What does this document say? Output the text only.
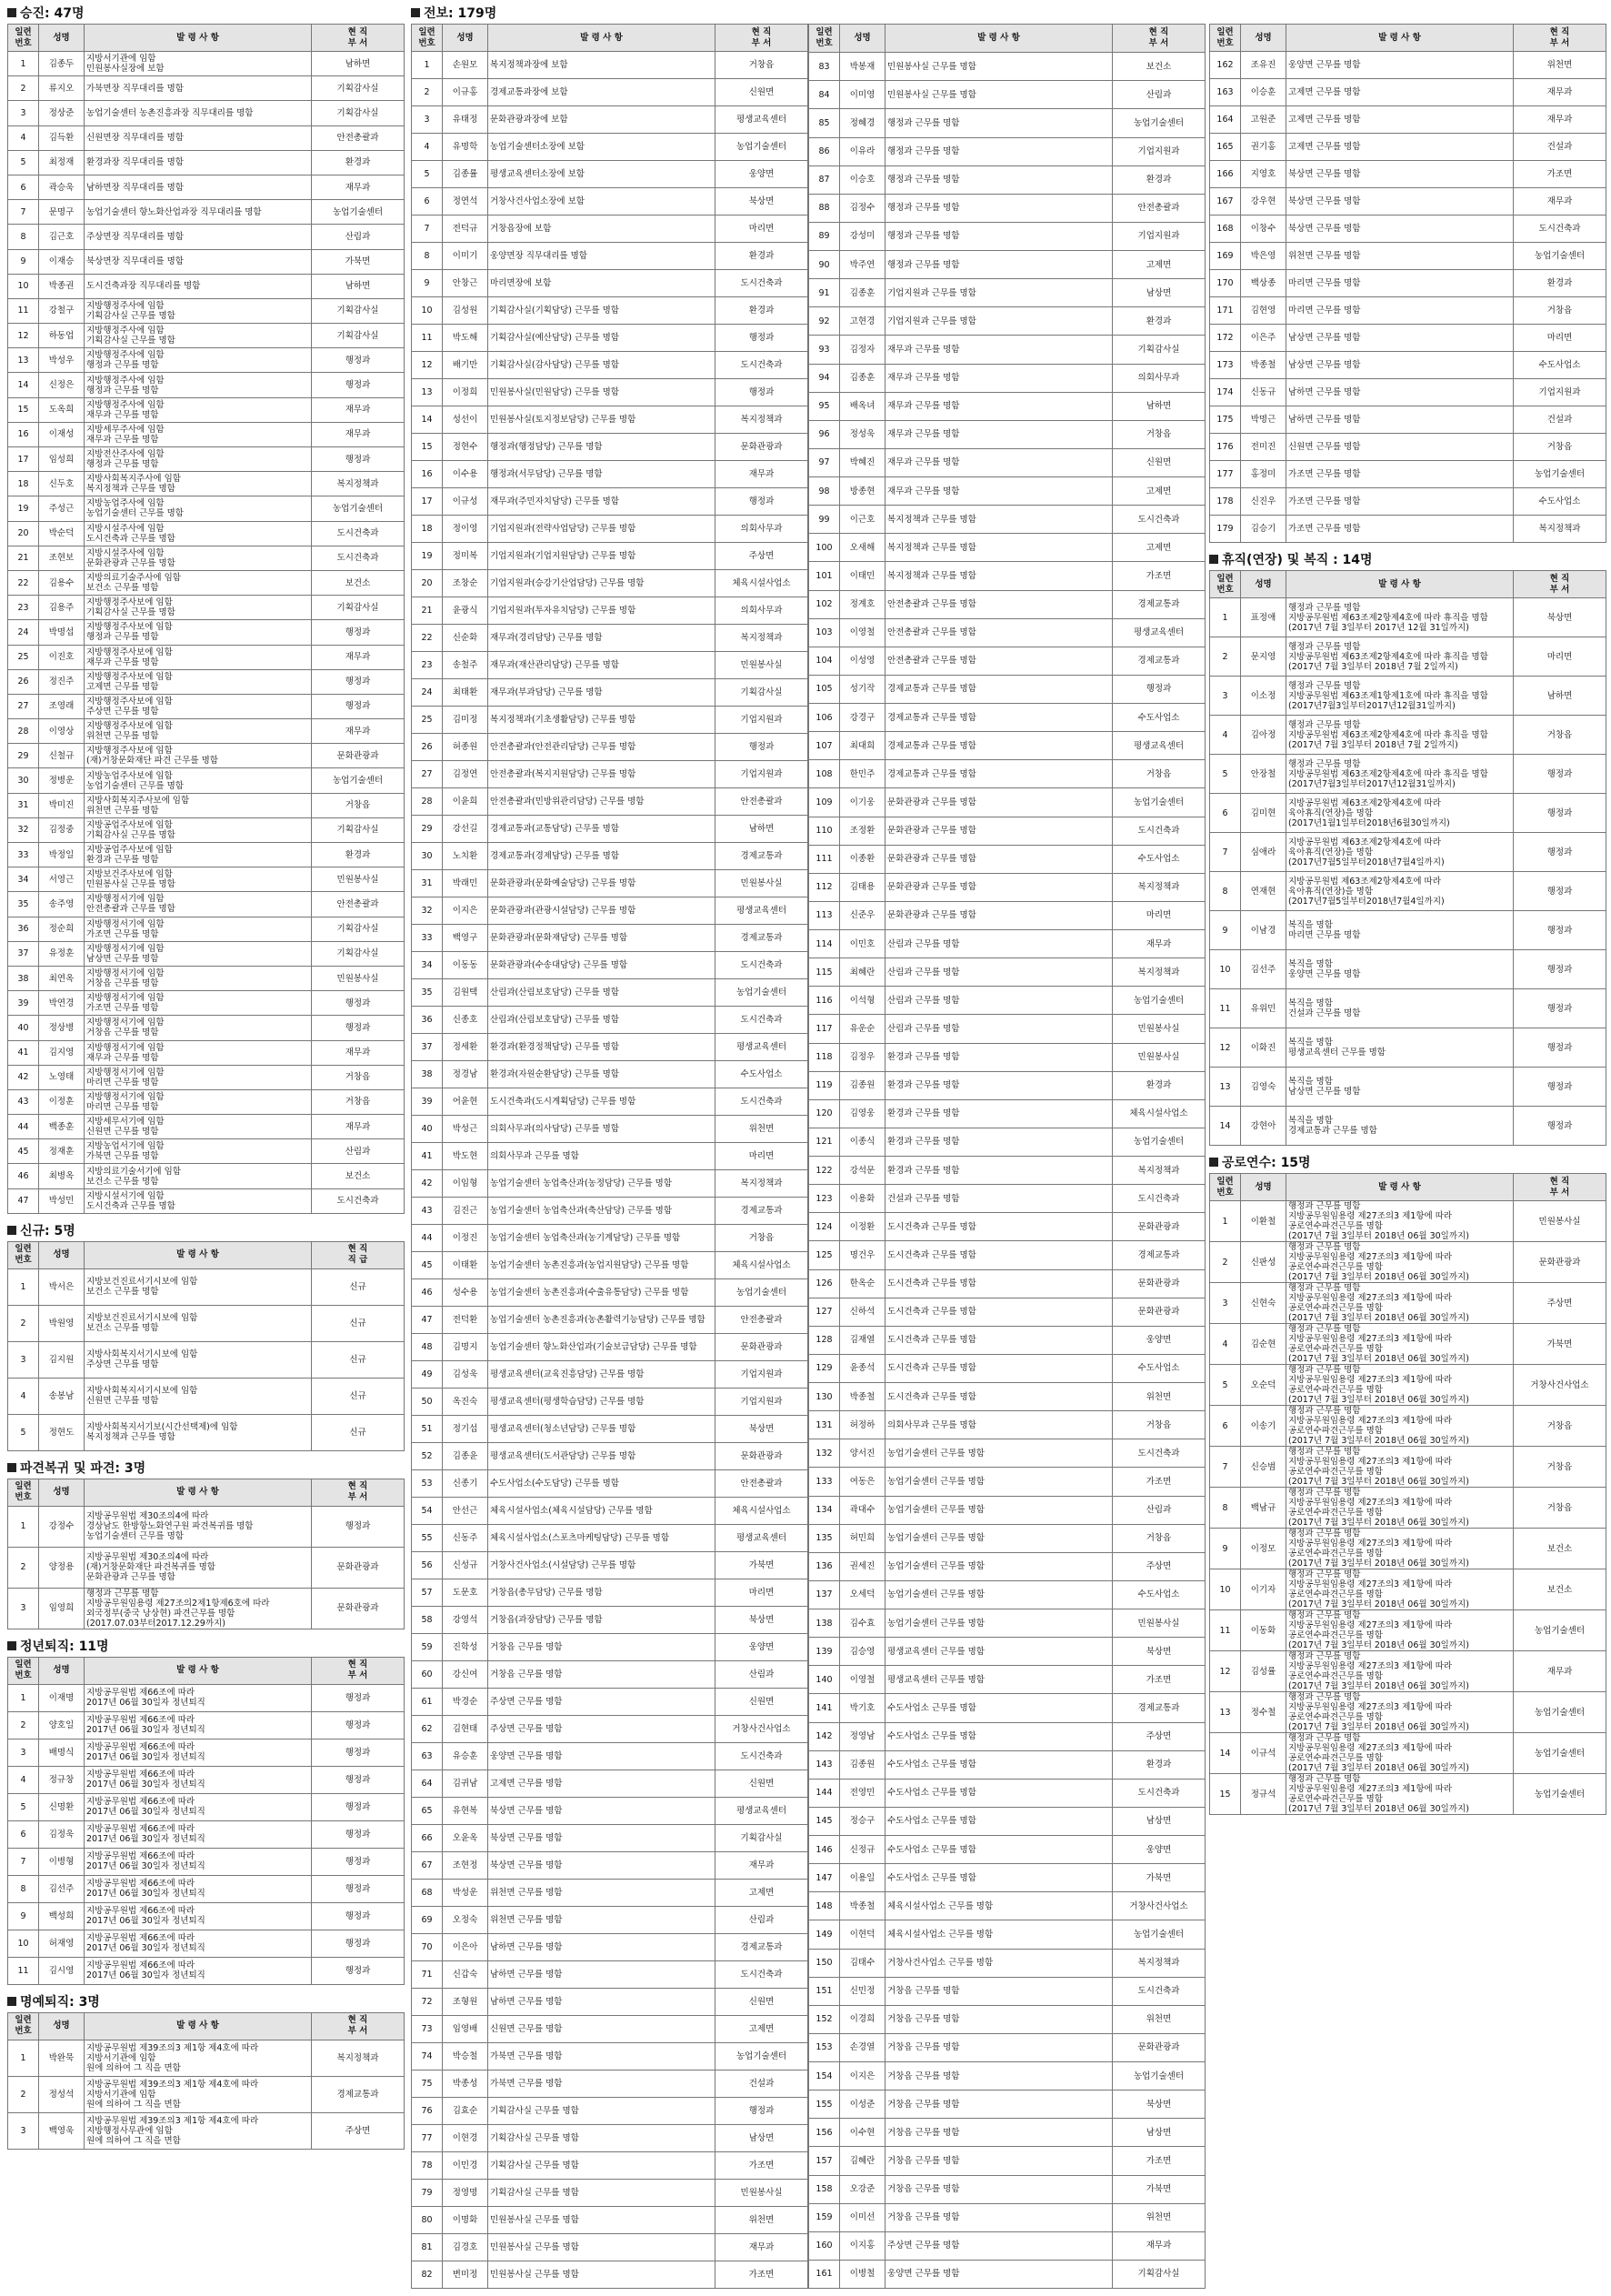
승진: 47명
일련
번호	성명	발 령 사 항	현 직
부 서
1	김종두	지방서기관에 임함
민원봉사실장에 보함	남하면
2	류지오	가북면장 직무대리를 명함	기획감사실
3	정상준	농업기술센터 농촌진흥과장 직무대리를 명함	기획감사실
4	김득환	신원면장 직무대리를 명함	안전총괄과
5	최정재	환경과장 직무대리를 명함	환경과
6	곽승욱	남하면장 직무대리를 명함	재무과
7	문명구	농업기술센터 향노화산업과장 직무대리를 명함	농업기술센터
8	김근호	주상면장 직무대리를 명함	산림과
9	이재승	북상면장 직무대리를 명함	가북면
10	박종권	도시건축과장 직무대리를 명함	남하면
11	강철구	지방행정주사에 임함
기획감사실 근무를 명함	기획감사실
12	하동업	지방행정주사에 임함
기획감사실 근무를 명함	기획감사실
13	박성우	지방행정주사에 임함
행정과 근무를 명함	행정과
14	신정은	지방행정주사에 임함
행정과 근무를 명함	행정과
15	도옥희	지방행정주사에 임함
재무과 근무를 명함	재무과
16	이재성	지방세무주사에 임함
재무과 근무를 명함	재무과
17	임성희	지방전산주사에 임함
행정과 근무를 명함	행정과
18	신두호	지방사회복지주사에 임함
복지정책과 근무를 명함	복지정책과
19	주성근	지방농업주사에 임함
농업기술센터 근무를 명함	농업기술센터
20	박순덕	지방시설주사에 임함
도시건축과 근무를 명함	도시건축과
21	조현보	지방시설주사에 임함
문화관광과 근무를 명함	도시건축과
22	김용수	지방의료기술주사에 임함
보건소 근무를 명함	보건소
23	김용주	지방행정주사보에 임함
기획감사실 근무를 명함	기획감사실
24	박명섭	지방행정주사보에 임함
행정과 근무를 명함	행정과
25	이진호	지방행정주사보에 임함
재무과 근무를 명함	재무과
26	정진주	지방행정주사보에 임함
고제면 근무를 명함	행정과
27	조영래	지방행정주사보에 임함
주상면 근무를 명함	행정과
28	이영상	지방행정주사보에 임함
위천면 근무를 명함	재무과
29	신철규	지방행정주사보에 임함
(재)거창문화재단 파견 근무를 명함	문화관광과
30	정병운	지방농업주사보에 임함
농업기술센터 근무를 명함	농업기술센터
31	박미진	지방사회복지주사보에 임함
위천면 근무를 명함	거창읍
32	김정중	지방공업주사보에 임함
기획감사실 근무를 명함	기획감사실
33	박정일	지방공업주사보에 임함
환경과 근무를 명함	환경과
34	서영근	지방보건주사보에 임함
민원봉사실 근무를 명함	민원봉사실
35	송주영	지방행정서기에 임함
안전총괄과 근무를 명함	안전총괄과
36	정순희	지방행정서기에 임함
가조면 근무를 명함	기획감사실
37	유정훈	지방행정서기에 임함
남상면 근무를 명함	기획감사실
38	최연옥	지방행정서기에 임함
거창읍 근무를 명함	민원봉사실
39	박연경	지방행정서기에 임함
가조면 근무를 명함	행정과
40	정상병	지방행정서기에 임함
거창읍 근무를 명함	행정과
41	김지영	지방행정서기에 임함
재무과 근무를 명함	재무과
42	노영태	지방행정서기에 임함
마리면 근무를 명함	거창읍
43	이정훈	지방행정서기에 임함
마리면 근무를 명함	거창읍
44	백종훈	지방세무서기에 임함
신원면 근무를 명함	재무과
45	정재훈	지방농업서기에 임함
가북면 근무를 명함	산림과
46	최병옥	지방의료기술서기에 임함
보건소 근무를 명함	보건소
47	박성민	지방시설서기에 임함
도시건축과 근무를 명함	도시건축과
신규: 5명
일련
번호	성명	발 령 사 항	현 직
직 급
1	박서은	지방보건진료서기시보에 임함
보건소 근무를 명함	신규
2	박원영	지방보건진료서기시보에 임함
보건소 근무를 명함	신규
3	김지원	지방사회복지서기시보에 임함
주상면 근무를 명함	신규
4	송봉남	지방사회복지서기시보에 임함
신원면 근무를 명함	신규
5	정현도	지방사회복지서기보(시간선택제)에 임함
복지정책과 근무를 명함	신규
파견복귀 및 파견: 3명
일련
번호	성명	발 령 사 항	현 직
부 서
1	강정수	지방공무원법 제30조의4에 따라
경상남도 한방항노화연구원 파견복귀를 명함
농업기술센터 근무를 명함	행정과
2	양정용	지방공무원법 제30조의4에 따라
(재)거창문화재단 파견복귀를 명함
문화관광과 근무를 명함	문화관광과
3	임영희	행정과 근무를 명함
지방공무원임용령 제27조의2제1항제6호에 따라
외국정부(중국 낭상현) 파견근무를 명함
(2017.07.03부터2017.12.29까지)	문화관광과
정년퇴직: 11명
일련
번호	성명	발 령 사 항	현 직
부 서
1	이재명	지방공무원법 제66조에 따라
2017년 06월 30일자 정년퇴직	행정과
2	양호일	지방공무원법 제66조에 따라
2017년 06월 30일자 정년퇴직	행정과
3	배명식	지방공무원법 제66조에 따라
2017년 06월 30일자 정년퇴직	행정과
4	정규창	지방공무원법 제66조에 따라
2017년 06월 30일자 정년퇴직	행정과
5	신명환	지방공무원법 제66조에 따라
2017년 06월 30일자 정년퇴직	행정과
6	김정욱	지방공무원법 제66조에 따라
2017년 06월 30일자 정년퇴직	행정과
7	이병형	지방공무원법 제66조에 따라
2017년 06월 30일자 정년퇴직	행정과
8	김선주	지방공무원법 제66조에 따라
2017년 06월 30일자 정년퇴직	행정과
9	백성희	지방공무원법 제66조에 따라
2017년 06월 30일자 정년퇴직	행정과
10	허재영	지방공무원법 제66조에 따라
2017년 06월 30일자 정년퇴직	행정과
11	김시영	지방공무원법 제66조에 따라
2017년 06월 30일자 정년퇴직	행정과
명예퇴직: 3명
일련
번호	성명	발 령 사 항	현 직
부 서
1	박완묵	지방공무원법 제39조의3 제1항 제4호에 따라
지방서기관에 임함
원에 의하여 그 직을 면함	복지정책과
2	정성석	지방공무원법 제39조의3 제1항 제4호에 따라
지방서기관에 임함
원에 의하여 그 직을 면함	경제교통과
3	백영욱	지방공무원법 제39조의3 제1항 제4호에 따라
지방행정사무관에 임함
원에 의하여 그 직을 면함	주상면
전보: 179명
일련
번호	성명	발 령 사 항	현 직
부 서
1	손원모	복지정책과장에 보함	거창읍
2	이규홍	경제교통과장에 보함	신원면
3	유태정	문화관광과장에 보함	평생교육센터
4	유명학	농업기술센터소장에 보함	농업기술센터
5	김종률	평생교육센터소장에 보함	웅양면
6	정연석	거창사건사업소장에 보함	북상면
7	전덕규	거창읍장에 보함	마리면
8	이미기	웅양면장 직무대리를 명함	환경과
9	안창근	마리면장에 보함	도시건축과
10	김성원	기획감사실(기획담당) 근무를 명함	환경과
11	박도해	기획감사실(예산담당) 근무를 명함	행정과
12	배기만	기획감사실(감사담당) 근무를 명함	도시건축과
13	이정희	민원봉사실(민원담당) 근무를 명함	행정과
14	성선이	민원봉사실(토지정보담당) 근무를 명함	복지정책과
15	정현수	행정과(행정담당) 근무를 명함	문화관광과
16	이수용	행정과(서무담당) 근무를 명함	재무과
17	이규성	재무과(주민자치담당) 근무를 명함	행정과
18	정이영	기업지원과(전략사업담당) 근무를 명함	의회사무과
19	정미복	기업지원과(기업지원담당) 근무를 명함	주상면
20	조창순	기업지원과(승강기산업담당) 근무를 명함	체육시설사업소
21	윤광식	기업지원과(투자유치담당) 근무를 명함	의회사무과
22	신순화	재무과(경리담당) 근무를 명함	복지정책과
23	송철주	재무과(재산관리담당) 근무를 명함	민원봉사실
24	최태환	재무과(부과담당) 근무를 명함	기획감사실
25	김미정	복지정책과(기초생활담당) 근무를 명함	기업지원과
26	허종원	안전총괄과(안전관리담당) 근무를 명함	행정과
27	김정연	안전총괄과(복지지원담당) 근무를 명함	기업지원과
28	이윤희	안전총괄과(민방위관리담당) 근무를 명함	안전총괄과
29	강선길	경제교통과(교통담당) 근무를 명함	남하면
30	노치환	경제교통과(경제담당) 근무를 명함	경제교통과
31	박래민	문화관광과(문화예술담당) 근무를 명함	민원봉사실
32	이지은	문화관광과(관광시설담당) 근무를 명함	평생교육센터
33	백영구	문화관광과(문화재담당) 근무를 명함	경제교통과
34	이동동	문화관광과(수송대담당) 근무를 명함	도시건축과
35	김원택	산림과(산림보호담당) 근무를 명함	농업기술센터
36	신종호	산림과(산림보호담당) 근무를 명함	도시건축과
37	정세환	환경과(환경정책담당) 근무를 명함	평생교육센터
38	정경남	환경과(자원순환담당) 근무를 명함	수도사업소
39	어윤현	도시건축과(도시계획담당) 근무를 명함	도시건축과
40	박성근	의회사무과(의사담당) 근무를 명함	위천면
41	박도현	의회사무과 근무를 명함	마리면
42	이임형	농업기술센터 농업축산과(농정담당) 근무를 명함	복지정책과
43	김진근	농업기술센터 농업축산과(축산담당) 근무를 명함	경제교통과
44	이정진	농업기술센터 농업축산과(농기계담당) 근무를 명함	거창읍
45	이태환	농업기술센터 농촌진흥과(농업지원담당) 근무를 명함	체육시설사업소
46	성수용	농업기술센터 농촌진흥과(수출유통담당) 근무를 명함	농업기술센터
47	전덕환	농업기술센터 농촌진흥과(농촌활력기능담당) 근무를 명함	안전총괄과
48	김명지	농업기술센터 향노화산업과(기술보급담당) 근무를 명함	문화관광과
49	김성욱	평생교육센터(교육진흥담당) 근무를 명함	기업지원과
50	옥진숙	평생교육센터(평생학습담당) 근무를 명함	기업지원과
51	정기섭	평생교육센터(청소년담당) 근무를 명함	북상면
52	김종윤	평생교육센터(도서관담당) 근무를 명함	문화관광과
53	신종기	수도사업소(수도담당) 근무를 명함	안전총괄과
54	안선근	체육시설사업소(체육시설담당) 근무를 명함	체육시설사업소
55	신동주	체육시설사업소(스포츠마케팅담당) 근무를 명함	평생교육센터
56	신성규	거창사건사업소(시설담당) 근무를 명함	가북면
57	도문호	거창읍(총무담당) 근무를 명함	마리면
58	강영석	거창읍(과장담당) 근무를 명함	북상면
59	진학성	거창읍 근무를 명함	웅양면
60	강신여	거창읍 근무를 명함	산림과
61	박경순	주상면 근무를 명함	신원면
62	김현태	주상면 근무를 명함	거창사건사업소
63	유승훈	웅양면 근무를 명함	도시건축과
64	김귀남	고제면 근무를 명함	신원면
65	유현복	북상면 근무를 명함	평생교육센터
66	오윤옥	북상면 근무를 명함	기획감사실
67	조현정	북상면 근무를 명함	재무과
68	박성운	위천면 근무를 명함	고제면
69	오정숙	위천면 근무를 명함	산림과
70	이은아	남하면 근무를 명함	경제교통과
71	신갑숙	남하면 근무를 명함	도시건축과
72	조형원	남하면 근무를 명함	신원면
73	임영배	신원면 근무를 명함	고제면
74	박승철	가북면 근무를 명함	농업기술센터
75	박종성	가북면 근무를 명함	건설과
76	김효순	기획감사실 근무를 명함	행정과
77	이현경	기획감사실 근무를 명함	남상면
78	이민경	기획감사실 근무를 명함	가조면
79	정영명	기획감사실 근무를 명함	민원봉사실
80	이명화	민원봉사실 근무를 명함	위천면
81	김경호	민원봉사실 근무를 명함	재무과
82	변미정	민원봉사실 근무를 명함	가조면
일련
번호	성명	발 령 사 항	현 직
부 서
83	박봉재	민원봉사실 근무를 명함	보건소
84	이미영	민원봉사실 근무를 명함	산림과
85	정혜경	행정과 근무를 명함	농업기술센터
86	이유라	행정과 근무를 명함	기업지원과
87	이승호	행정과 근무를 명함	환경과
88	김정수	행정과 근무를 명함	안전총괄과
89	강성미	행정과 근무를 명함	기업지원과
90	박주연	행정과 근무를 명함	고제면
91	김종훈	기업지원과 근무를 명함	남상면
92	고현경	기업지원과 근무를 명함	환경과
93	김정자	재무과 근무를 명함	기획감사실
94	김종훈	재무과 근무를 명함	의회사무과
95	배옥녀	재무과 근무를 명함	남하면
96	정성욱	재무과 근무를 명함	거창읍
97	박혜진	재무과 근무를 명함	신원면
98	방종현	재무과 근무를 명함	고제면
99	이근호	복지정책과 근무를 명함	도시건축과
100	오새해	복지정책과 근무를 명함	고제면
101	이태민	복지정책과 근무를 명함	가조면
102	정계호	안전총괄과 근무를 명함	경제교통과
103	이영철	안전총괄과 근무를 명함	평생교육센터
104	이성영	안전총괄과 근무를 명함	경제교통과
105	성기작	경제교통과 근무를 명함	행정과
106	강경구	경제교통과 근무를 명함	수도사업소
107	최대희	경제교통과 근무를 명함	평생교육센터
108	한민주	경제교통과 근무를 명함	거창읍
109	이기웅	문화관광과 근무를 명함	농업기술센터
110	조정환	문화관광과 근무를 명함	도시건축과
111	이종환	문화관광과 근무를 명함	수도사업소
112	김태용	문화관광과 근무를 명함	복지정책과
113	신준우	문화관광과 근무를 명함	마리면
114	이민호	산림과 근무를 명함	재무과
115	최혜란	산림과 근무를 명함	복지정책과
116	이석형	산림과 근무를 명함	농업기술센터
117	유운순	산림과 근무를 명함	민원봉사실
118	김정우	환경과 근무를 명함	민원봉사실
119	김종원	환경과 근무를 명함	환경과
120	김영웅	환경과 근무를 명함	체육시설사업소
121	이종식	환경과 근무를 명함	농업기술센터
122	강석문	환경과 근무를 명함	복지정책과
123	이용화	건설과 근무를 명함	도시건축과
124	이정환	도시건축과 근무를 명함	문화관광과
125	명건우	도시건축과 근무를 명함	경제교통과
126	한옥순	도시건축과 근무를 명함	문화관광과
127	신하석	도시건축과 근무를 명함	문화관광과
128	김재열	도시건축과 근무를 명함	웅양면
129	윤종석	도시건축과 근무를 명함	수도사업소
130	박종철	도시건축과 근무를 명함	위천면
131	허정하	의회사무과 근무를 명함	거창읍
132	양서진	농업기술센터 근무를 명함	도시건축과
133	여동은	농업기술센터 근무를 명함	가조면
134	곽대수	농업기술센터 근무를 명함	산림과
135	허민희	농업기술센터 근무를 명함	거창읍
136	권세진	농업기술센터 근무를 명함	주상면
137	오세덕	농업기술센터 근무를 명함	수도사업소
138	김수효	농업기술센터 근무를 명함	민원봉사실
139	김승영	평생교육센터 근무를 명함	북상면
140	이영철	평생교육센터 근무를 명함	가조면
141	박기호	수도사업소 근무를 명함	경제교통과
142	정영남	수도사업소 근무를 명함	주상면
143	김종원	수도사업소 근무를 명함	환경과
144	전영민	수도사업소 근무를 명함	도시건축과
145	정승구	수도사업소 근무를 명함	남상면
146	신정규	수도사업소 근무를 명함	웅양면
147	이용일	수도사업소 근무를 명함	가북면
148	박종철	체육시설사업소 근무를 명함	거창사건사업소
149	이현덕	체육시설사업소 근무를 명함	농업기술센터
150	김태수	거창사건사업소 근무를 명함	복지정책과
151	신민정	거창읍 근무를 명함	도시건축과
152	이경희	거창읍 근무를 명함	위천면
153	손경열	거창읍 근무를 명함	문화관광과
154	이지은	거창읍 근무를 명함	농업기술센터
155	이성준	거창읍 근무를 명함	북상면
156	이수현	거창읍 근무를 명함	남상면
157	김혜란	거창읍 근무를 명함	가조면
158	오강준	거창읍 근무를 명함	가북면
159	이미선	거창읍 근무를 명함	위천면
160	이지홍	주상면 근무를 명함	재무과
161	이병철	웅양면 근무를 명함	기획감사실
일련
번호	성명	발 령 사 항	현 직
부 서
162	조유진	웅양면 근무를 명함	위천면
163	이승훈	고제면 근무를 명함	재무과
164	고원준	고제면 근무를 명함	재무과
165	권기홍	고제면 근무를 명함	건설과
166	지영호	북상면 근무를 명함	가조면
167	강우현	북상면 근무를 명함	재무과
168	이창수	북상면 근무를 명함	도시건축과
169	박은영	위천면 근무를 명함	농업기술센터
170	백상종	마리면 근무를 명함	환경과
171	김현영	마리면 근무를 명함	거창읍
172	이은주	남상면 근무를 명함	마리면
173	박종철	남상면 근무를 명함	수도사업소
174	신동규	남하면 근무를 명함	기업지원과
175	박명근	남하면 근무를 명함	건설과
176	전미진	신원면 근무를 명함	거창읍
177	홍정미	가조면 근무를 명함	농업기술센터
178	신진우	가조면 근무를 명함	수도사업소
179	김승기	가조면 근무를 명함	복지정책과
휴직(연장) 및 복직 : 14명
일련
번호	성명	발 령 사 항	현 직
부 서
1	표정애	행정과 근무를 명함
지방공무원법 제63조제2항제4호에 따라 휴직을 명함
(2017년 7월 3일부터 2017년 12월 31일까지)	북상면
2	문지영	행정과 근무를 명함
지방공무원법 제63조제2항제4호에 따라 휴직을 명함
(2017년 7월 3일부터 2018년 7월 2일까지)	마리면
3	이소정	행정과 근무를 명함
지방공무원법 제63조제1항제1호에 따라 휴직을 명함
(2017년7월3일부터2017년12월31일까지)	남하면
4	김아정	행정과 근무를 명함
지방공무원법 제63조제2항제4호에 따라 휴직을 명함
(2017년 7월 3일부터 2018년 7월 2일까지)	거창읍
5	안장철	행정과 근무를 명함
지방공무원법 제63조제2항제4호에 따라 휴직을 명함
(2017년7월3일부터2017년12월31일까지)	행정과
6	김미현	지방공무원법 제63조제2항제4호에 따라
육아휴직(연장)을 명함
(2017년1월1일부터2018년6월30일까지)	행정과
7	심애라	지방공무원법 제63조제2항제4호에 따라
육아휴직(연장)을 명함
(2017년7월5일부터2018년7월4일까지)	행정과
8	연재현	지방공무원법 제63조제2항제4호에 따라
육아휴직(연장)을 명함
(2017년7월5일부터2018년7월4일까지)	행정과
9	이남경	복직을 명함
마리면 근무를 명함	행정과
10	김선주	복직을 명함
웅양면 근무를 명함	행정과
11	유위민	복직을 명함
건설과 근무를 명함	행정과
12	이화진	복직을 명함
평생교육센터 근무를 명함	행정과
13	김영숙	복직을 명함
남상면 근무를 명함	행정과
14	강현아	복직을 명함
경제교통과 근무를 명함	행정과
공로연수: 15명
일련
번호	성명	발 령 사 항	현 직
부 서
1	이환철	행정과 근무를 명함
지방공무원임용령 제27조의3 제1항에 따라 공로연수파견근무를 명함
(2017년 7월 3일부터 2018년 06월 30일까지)	민원봉사실
2	신판성	행정과 근무를 명함
지방공무원임용령 제27조의3 제1항에 따라 공로연수파견근무를 명함
(2017년 7월 3일부터 2018년 06월 30일까지)	문화관광과
3	신현숙	행정과 근무를 명함
지방공무원임용령 제27조의3 제1항에 따라 공로연수파견근무를 명함
(2017년 7월 3일부터 2018년 06월 30일까지)	주상면
4	김순현	행정과 근무를 명함
지방공무원임용령 제27조의3 제1항에 따라 공로연수파견근무를 명함
(2017년 7월 3일부터 2018년 06월 30일까지)	가북면
5	오순덕	행정과 근무를 명함
지방공무원임용령 제27조의3 제1항에 따라 공로연수파견근무를 명함
(2017년 7월 3일부터 2018년 06월 30일까지)	거창사건사업소
6	이송기	행정과 근무를 명함
지방공무원임용령 제27조의3 제1항에 따라 공로연수파견근무를 명함
(2017년 7월 3일부터 2018년 06월 30일까지)	거창읍
7	신승범	행정과 근무를 명함
지방공무원임용령 제27조의3 제1항에 따라 공로연수파견근무를 명함
(2017년 7월 3일부터 2018년 06월 30일까지)	거창읍
8	백남규	행정과 근무를 명함
지방공무원임용령 제27조의3 제1항에 따라 공로연수파견근무를 명함
(2017년 7월 3일부터 2018년 06월 30일까지)	거창읍
9	이정모	행정과 근무를 명함
지방공무원임용령 제27조의3 제1항에 따라 공로연수파견근무를 명함
(2017년 7월 3일부터 2018년 06월 30일까지)	보건소
10	이기자	행정과 근무를 명함
지방공무원임용령 제27조의3 제1항에 따라 공로연수파견근무를 명함
(2017년 7월 3일부터 2018년 06월 30일까지)	보건소
11	이동화	행정과 근무를 명함
지방공무원임용령 제27조의3 제1항에 따라 공로연수파견근무를 명함
(2017년 7월 3일부터 2018년 06월 30일까지)	농업기술센터
12	김성률	행정과 근무를 명함
지방공무원임용령 제27조의3 제1항에 따라 공로연수파견근무를 명함
(2017년 7월 3일부터 2018년 06월 30일까지)	재무과
13	정수철	행정과 근무를 명함
지방공무원임용령 제27조의3 제1항에 따라 공로연수파견근무를 명함
(2017년 7월 3일부터 2018년 06월 30일까지)	농업기술센터
14	이규석	행정과 근무를 명함
지방공무원임용령 제27조의3 제1항에 따라 공로연수파견근무를 명함
(2017년 7월 3일부터 2018년 06월 30일까지)	농업기술센터
15	정규석	행정과 근무를 명함
지방공무원임용령 제27조의3 제1항에 따라 공로연수파견근무를 명함
(2017년 7월 3일부터 2018년 06월 30일까지)	농업기술센터
